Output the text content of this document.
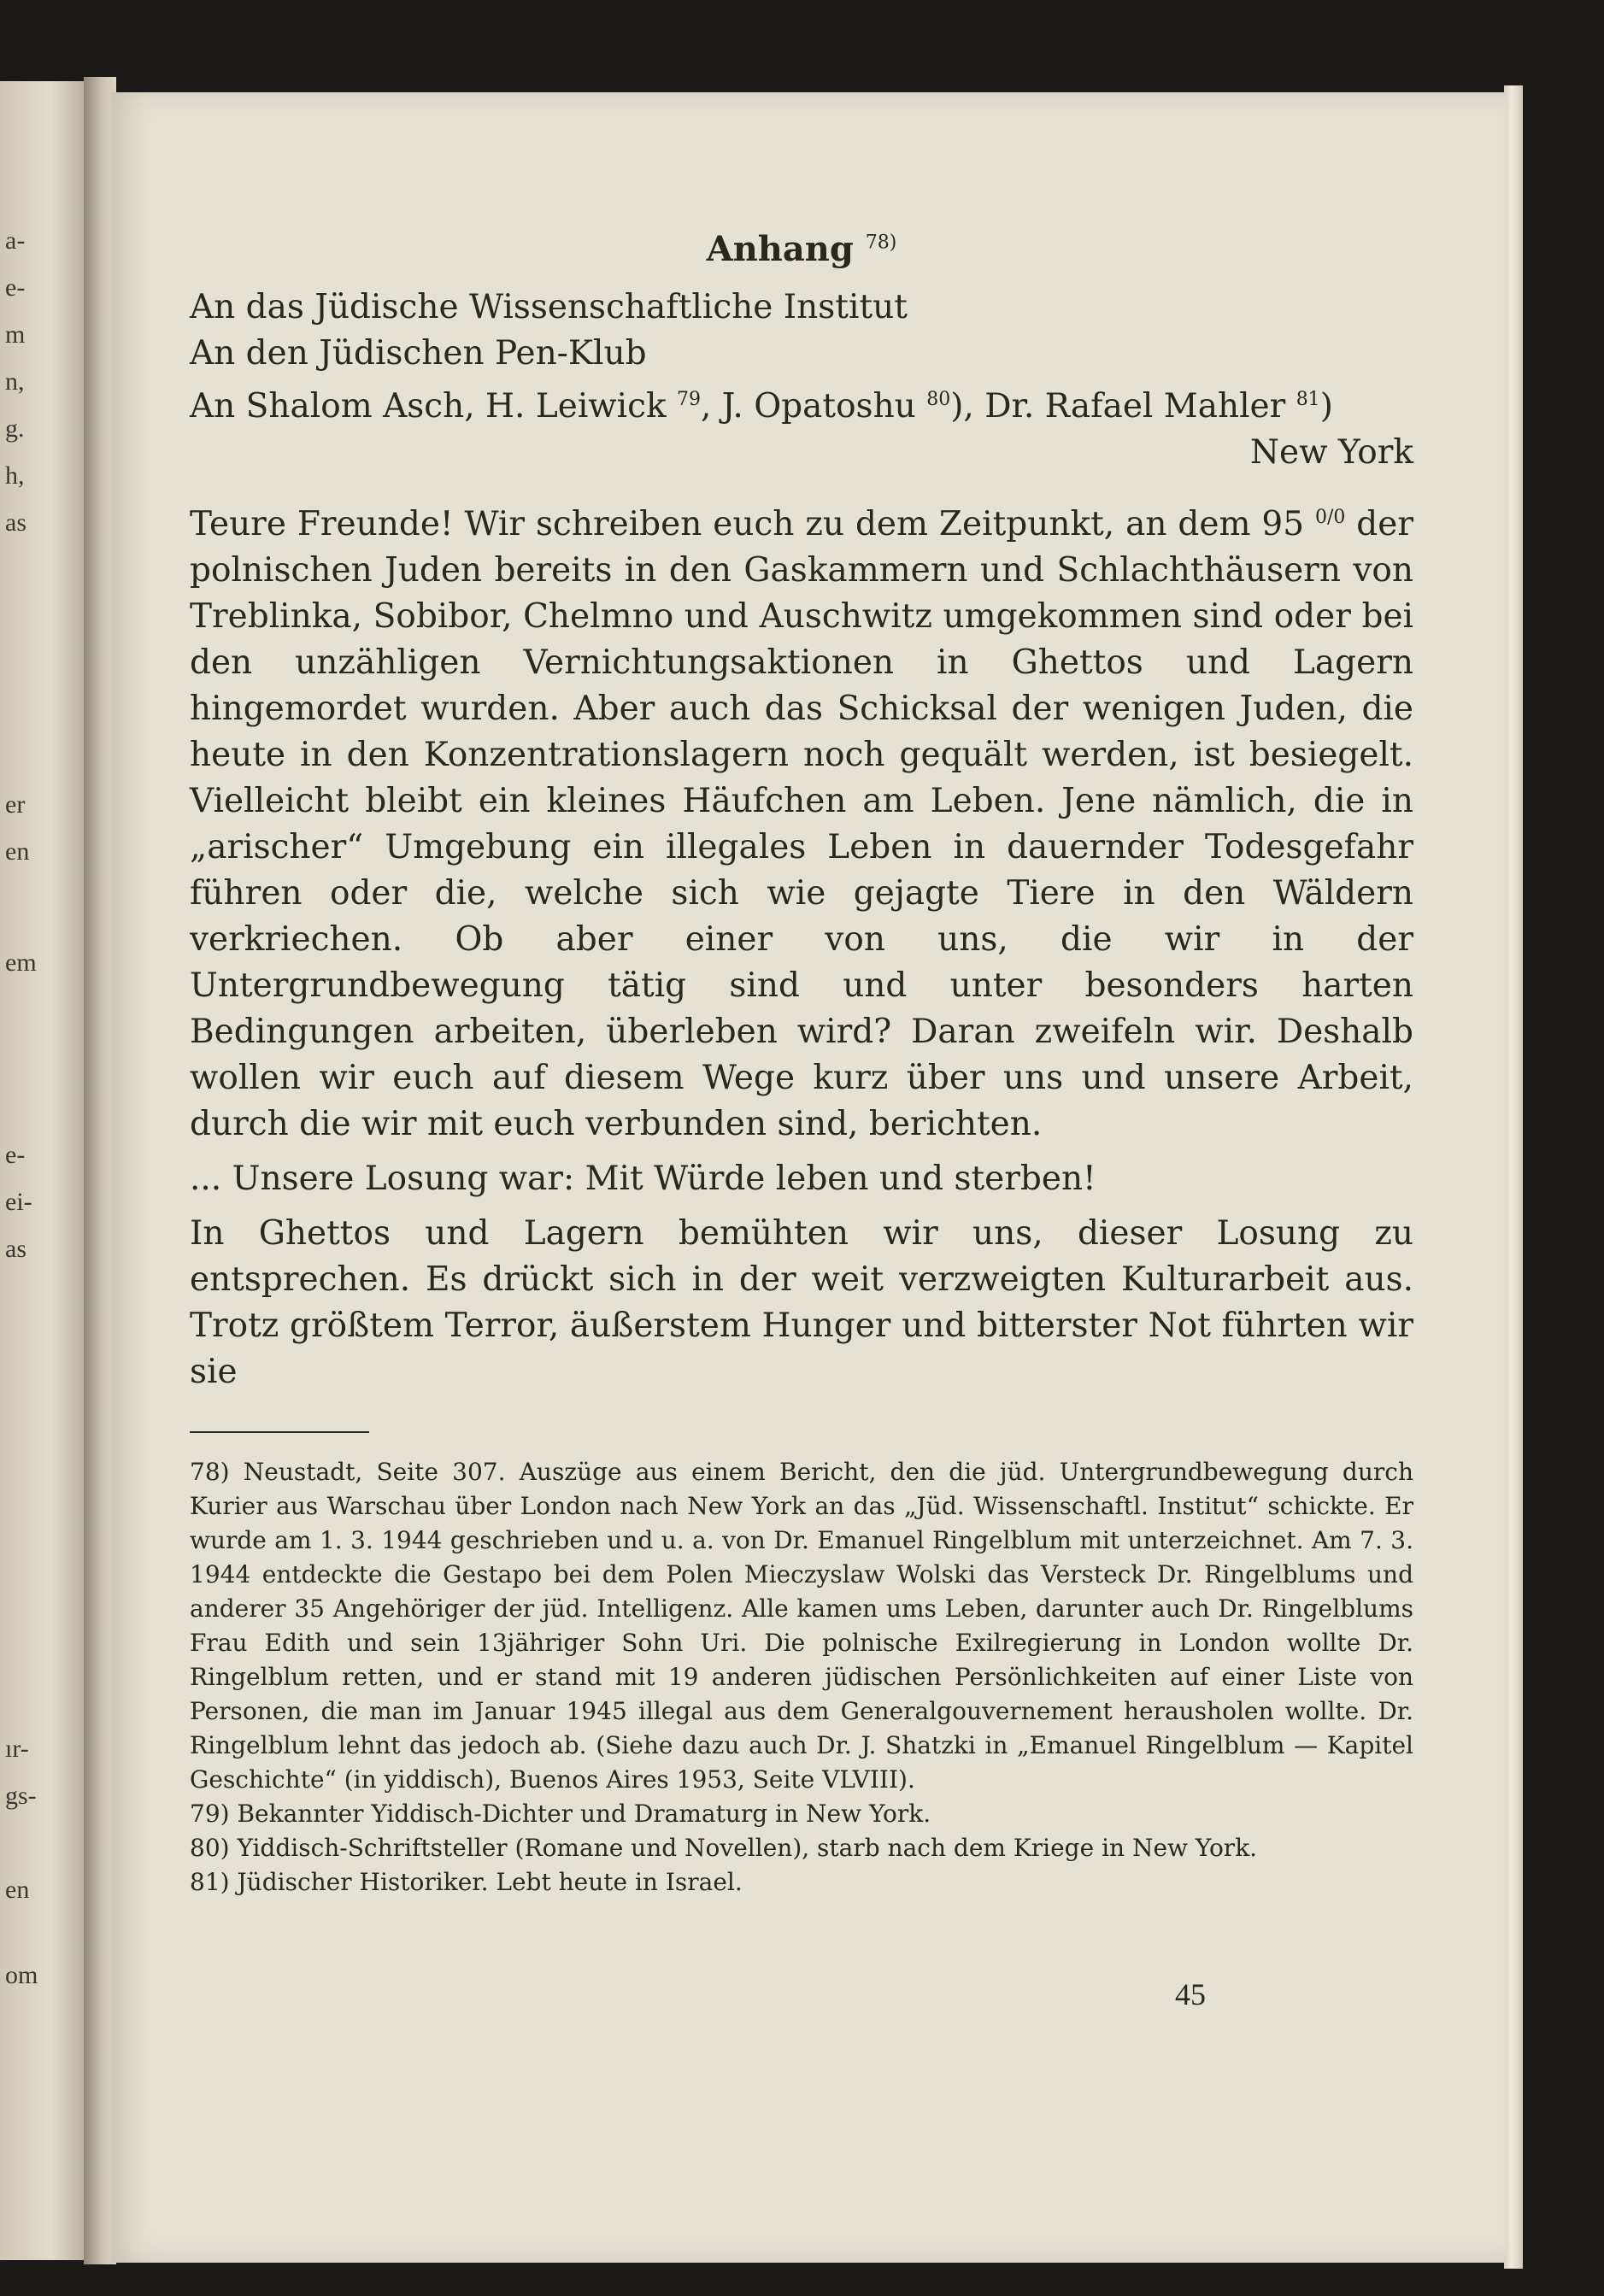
a-
e-
m
n,
g.
h,
as
er
en
em
e-
ei-
as
ır-
gs-
en
om
Anhang $^{78)}$
An das Jüdische Wissenschaftliche Institut
An den Jüdischen Pen-Klub
An Shalom Asch, H. Leiwick $^{79}$, J. Opatoshu $^{80}$), Dr. Rafael Mahler $^{81}$)
New York

Teure Freunde! Wir schreiben euch zu dem Zeitpunkt, an dem 95 $^{0/0}$ der polnischen Juden bereits in den Gaskammern und Schlachthäusern von Treblinka, Sobibor, Chelmno und Auschwitz umgekommen sind oder bei den unzähligen Vernichtungsaktionen in Ghettos und Lagern hingemordet wurden. Aber auch das Schicksal der wenigen Juden, die heute in den Konzentrationslagern noch gequält werden, ist besiegelt. Vielleicht bleibt ein kleines Häufchen am Leben. Jene nämlich, die in „arischer“ Umgebung ein illegales Leben in dauernder Todesgefahr führen oder die, welche sich wie gejagte Tiere in den Wäldern verkriechen. Ob aber einer von uns, die wir in der Untergrundbewegung tätig sind und unter besonders harten Bedingungen arbeiten, überleben wird? Daran zweifeln wir. Deshalb wollen wir euch auf diesem Wege kurz über uns und unsere Arbeit, durch die wir mit euch verbunden sind, berichten.

... Unsere Losung war: Mit Würde leben und sterben!

In Ghettos und Lagern bemühten wir uns, dieser Losung zu entsprechen. Es drückt sich in der weit verzweigten Kulturarbeit aus. Trotz größtem Terror, äußerstem Hunger und bitterster Not führten wir sie

78) Neustadt, Seite 307. Auszüge aus einem Bericht, den die jüd. Untergrundbewegung durch Kurier aus Warschau über London nach New York an das „Jüd. Wissenschaftl. Institut“ schickte. Er wurde am 1. 3. 1944 geschrieben und u. a. von Dr. Emanuel Ringelblum mit unterzeichnet. Am 7. 3. 1944 entdeckte die Gestapo bei dem Polen Mieczyslaw Wolski das Versteck Dr. Ringelblums und anderer 35 Angehöriger der jüd. Intelligenz. Alle kamen ums Leben, darunter auch Dr. Ringelblums Frau Edith und sein 13jähriger Sohn Uri. Die polnische Exilregierung in London wollte Dr. Ringelblum retten, und er stand mit 19 anderen jüdischen Persönlichkeiten auf einer Liste von Personen, die man im Januar 1945 illegal aus dem Generalgouvernement herausholen wollte. Dr. Ringelblum lehnt das jedoch ab. (Siehe dazu auch Dr. J. Shatzki in „Emanuel Ringelblum — Kapitel Geschichte“ (in yiddisch), Buenos Aires 1953, Seite VLVIII).

79) Bekannter Yiddisch-Dichter und Dramaturg in New York.

80) Yiddisch-Schriftsteller (Romane und Novellen), starb nach dem Kriege in New York.

81) Jüdischer Historiker. Lebt heute in Israel.

45
